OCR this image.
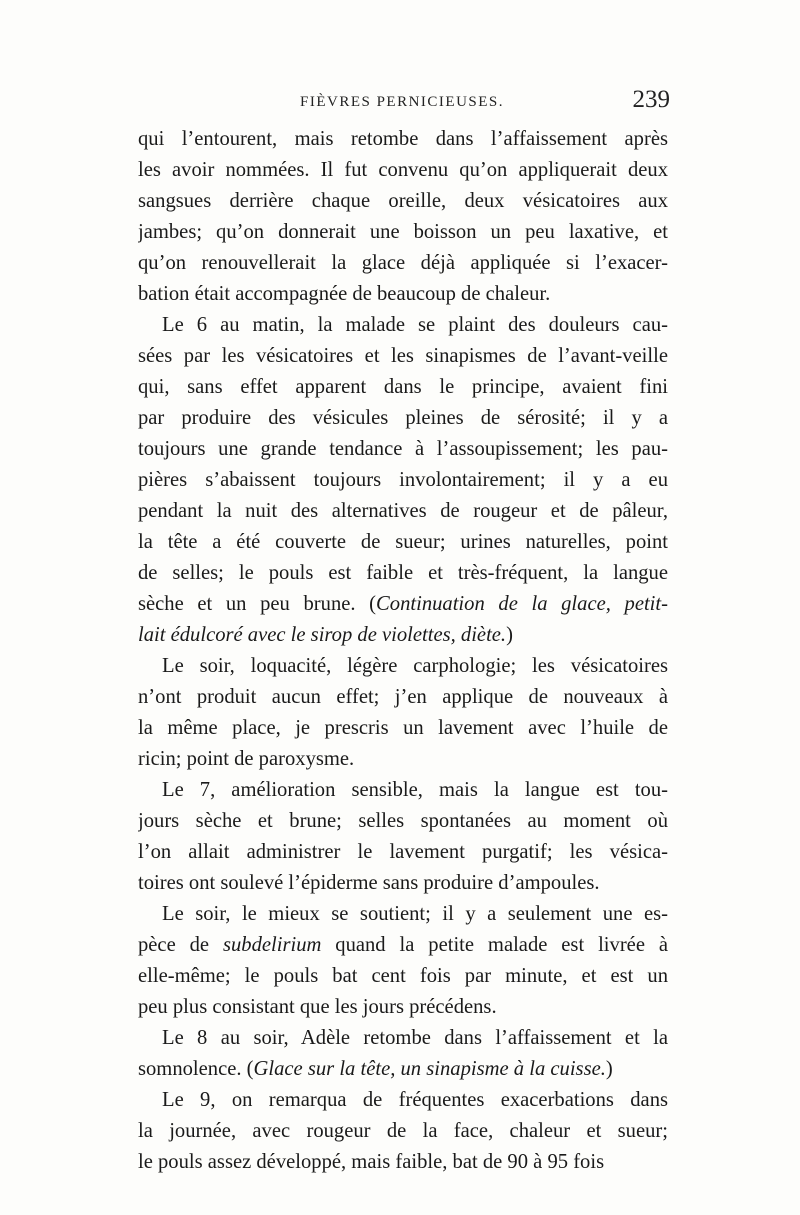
FIÈVRES PERNICIEUSES.	239
qui l’entourent, mais retombe dans l’affaissement après
les avoir nommées. Il fut convenu qu’on appliquerait deux
sangsues derrière chaque oreille, deux vésicatoires aux
jambes; qu’on donnerait une boisson un peu laxative, et
qu’on renouvellerait la glace déjà appliquée si l’exacer-
bation était accompagnée de beaucoup de chaleur.
Le 6 au matin, la malade se plaint des douleurs cau-
sées par les vésicatoires et les sinapismes de l’avant-veille
qui, sans effet apparent dans le principe, avaient fini
par produire des vésicules pleines de sérosité; il y a
toujours une grande tendance à l’assoupissement; les pau-
pières s’abaissent toujours involontairement; il y a eu
pendant la nuit des alternatives de rougeur et de pâleur,
la tête a été couverte de sueur; urines naturelles, point
de selles; le pouls est faible et très-fréquent, la langue
sèche et un peu brune. (Continuation de la glace, petit-
lait édulcoré avec le sirop de violettes, diète.)
Le soir, loquacité, légère carphologie; les vésicatoires
n’ont produit aucun effet; j’en applique de nouveaux à
la même place, je prescris un lavement avec l’huile de
ricin; point de paroxysme.
Le 7, amélioration sensible, mais la langue est tou-
jours sèche et brune; selles spontanées au moment où
l’on allait administrer le lavement purgatif; les vésica-
toires ont soulevé l’épiderme sans produire d’ampoules.
Le soir, le mieux se soutient; il y a seulement une es-
pèce de subdelirium quand la petite malade est livrée à
elle-même; le pouls bat cent fois par minute, et est un
peu plus consistant que les jours précédens.
Le 8 au soir, Adèle retombe dans l’affaissement et la
somnolence. (Glace sur la tête, un sinapisme à la cuisse.)
Le 9, on remarqua de fréquentes exacerbations dans
la journée, avec rougeur de la face, chaleur et sueur;
le pouls assez développé, mais faible, bat de 90 à 95 fois
